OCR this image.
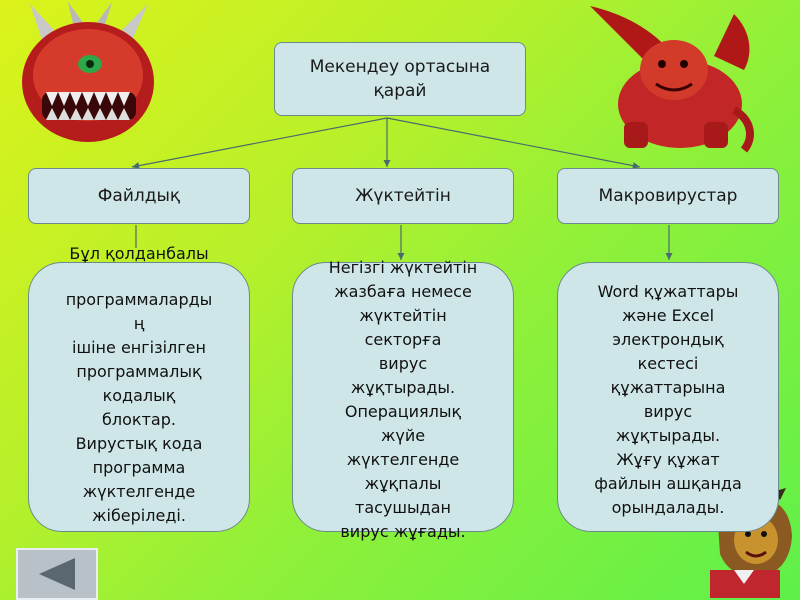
Мекендеу ортасына қарай
Файлдық	Жүктейтін	Макровирустар
Бұл қолданбалы
программаларды
ң
ішіне енгізілген
программалық
кодалық
блоктар.
Вирустық кода
программа
жүктелгенде
жіберіледі.
Негізгі жүктейтін
жазбаға немесе
жүктейтін
секторға
вирус
жұқтырады.
Операциялық
жүйе
жүктелгенде
жұқпалы
тасушыдан
вирус жұғады.
Word құжаттары
және Excel
электрондық
кестесі
құжаттарына
вирус
жұқтырады.
Жұғу құжат
файлын ашқанда
орындалады.
